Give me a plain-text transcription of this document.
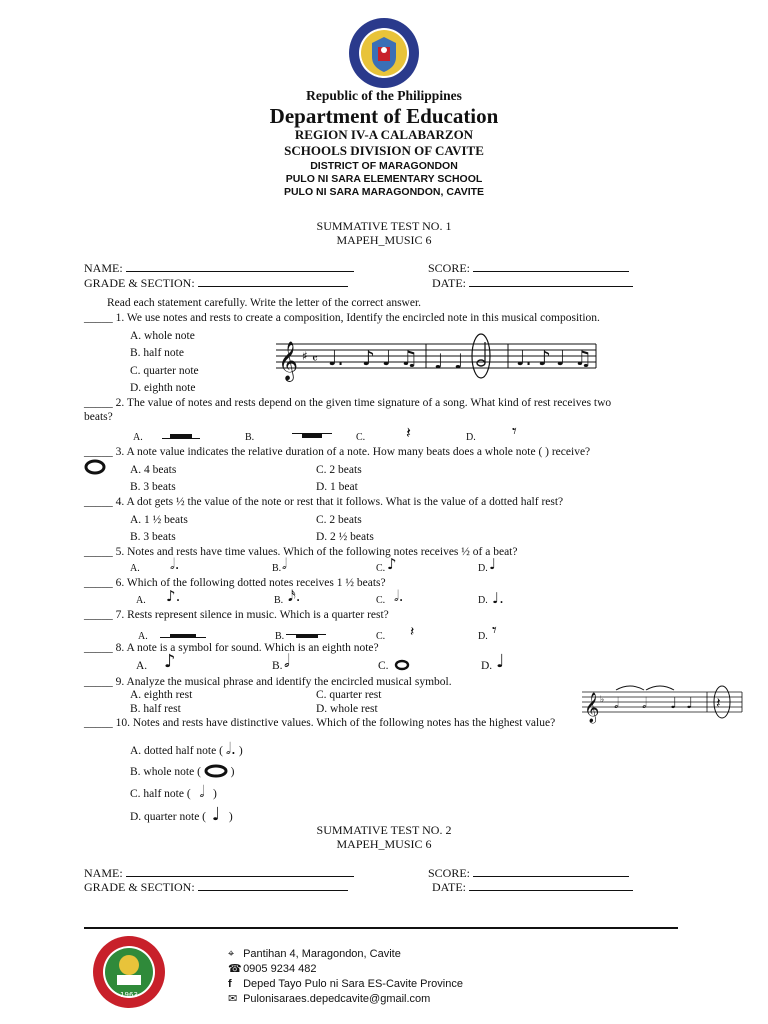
Republic of the Philippines
Department of Education
REGION IV-A CALABARZON
SCHOOLS DIVISION OF CAVITE
DISTRICT OF MARAGONDON
PULO NI SARA ELEMENTARY SCHOOL
PULO NI SARA MARAGONDON, CAVITE
SUMMATIVE TEST NO. 1
MAPEH_MUSIC 6
NAME:	SCORE:
GRADE & SECTION:	DATE:
Read each statement carefully. Write the letter of the correct answer.
_____ 1. We use notes and rests to create a composition, Identify the encircled note in this musical composition.
A. whole note
B. half note
C. quarter note
D. eighth note
𝄞 ♯ 𝄴 ♩. ♪ ♩ ♫ ♩ ♩	♩. ♪ ♩ ♫
_____ 2. The value of notes and rests depend on the given time signature of a song. What kind of rest receives two
beats?
A.	B.	C.	𝄽	D. 𝄾
_____ 3. A note value indicates the relative duration of a note. How many beats does a whole note ( ) receive?
A. 4 beats	C. 2 beats
B. 3 beats	D. 1 beat
_____ 4. A dot gets ½ the value of the note or rest that it follows. What is the value of a dotted half rest?
A. 1 ½ beats	C. 2 beats
B. 3 beats	D. 2 ½ beats
_____ 5. Notes and rests have time values. Which of the following notes receives ½ of a beat?
A. 𝅗𝅥.	B. 𝅗𝅥	C. ♪	D. ♩
_____ 6. Which of the following dotted notes receives 1 ½ beats?
A. ♪.	B. 𝅘𝅥𝅯.	C. 𝅗𝅥.	D. ♩.
_____ 7. Rests represent silence in music. Which is a quarter rest?
A.	B.	C. 𝄽	D. 𝄾
_____ 8. A note is a symbol for sound. Which is an eighth note?
A. ♪	B. 𝅗𝅥	C.	D. ♩
_____ 9. Analyze the musical phrase and identify the encircled musical symbol.
A. eighth rest	C. quarter rest
B. half rest	D. whole rest	𝄞 ♭ 𝅗𝅥 𝅗𝅥 ♩ ♩ 𝄽
_____ 10. Notes and rests have distinctive values. Which of the following notes has the highest value?
A. dotted half note ( 𝅗𝅥. )
B. whole note (	)
C. half note ( 𝅗𝅥 )
D. quarter note ( ♩ )
SUMMATIVE TEST NO. 2
MAPEH_MUSIC 6
NAME:	SCORE:
GRADE & SECTION:	DATE:
1963
⌖ Pantihan 4, Maragondon, Cavite
☎ 0905 9234 482
f Deped Tayo Pulo ni Sara ES-Cavite Province
✉ Pulonisaraes.depedcavite@gmail.com
